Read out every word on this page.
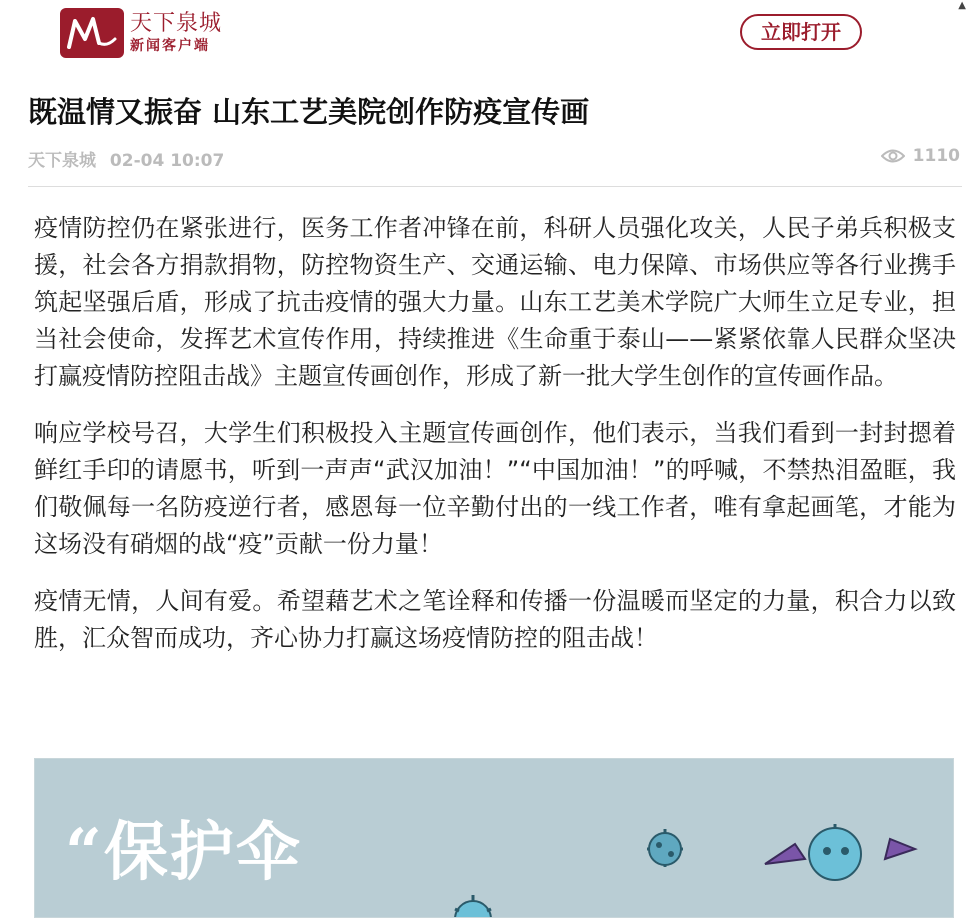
天下泉城
新闻客户端
立即打开
既温情又振奋 山东工艺美院创作防疫宣传画
天下泉城 02-04 10:07	1110

疫情防控仍在紧张进行，医务工作者冲锋在前，科研人员强化攻关，人民子弟兵积极支援，社会各方捐款捐物，防控物资生产、交通运输、电力保障、市场供应等各行业携手筑起坚强后盾，形成了抗击疫情的强大力量。山东工艺美术学院广大师生立足专业，担当社会使命，发挥艺术宣传作用，持续推进《生命重于泰山——紧紧依靠人民群众坚决打赢疫情防控阻击战》主题宣传画创作，形成了新一批大学生创作的宣传画作品。

响应学校号召，大学生们积极投入主题宣传画创作，他们表示，当我们看到一封封摁着鲜红手印的请愿书，听到一声声“武汉加油！”“中国加油！”的呼喊，不禁热泪盈眶，我们敬佩每一名防疫逆行者，感恩每一位辛勤付出的一线工作者，唯有拿起画笔，才能为这场没有硝烟的战“疫”贡献一份力量！

疫情无情，人间有爱。希望藉艺术之笔诠释和传播一份温暖而坚定的力量，积合力以致胜，汇众智而成功，齐心协力打赢这场疫情防控的阻击战！

“保护伞
▲
